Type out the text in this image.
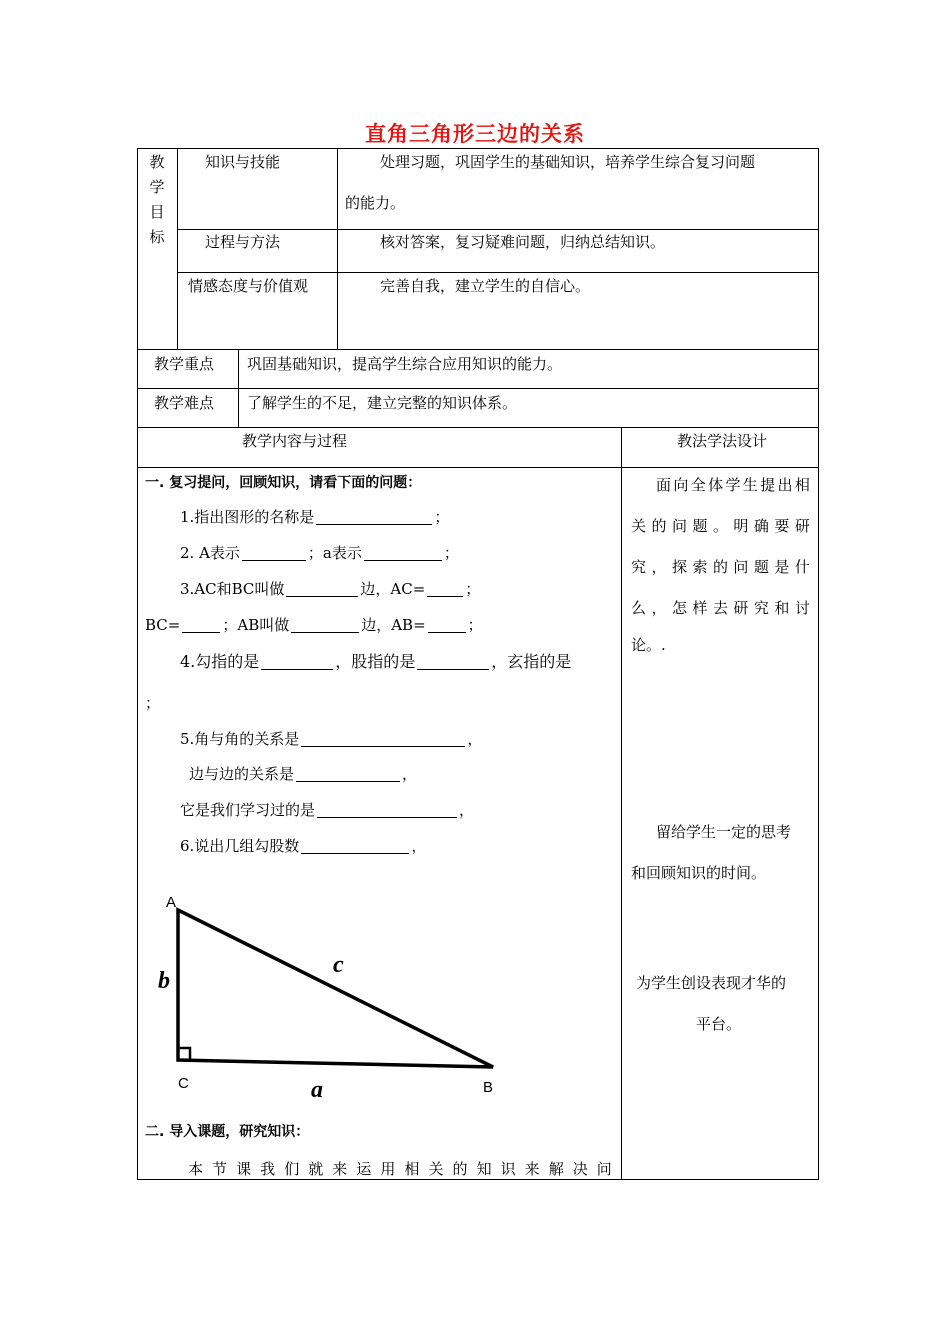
直角三角形三边的关系
教
学
目
标
知识与技能	处理习题，巩固学生的基础知识，培养学生综合复习问题
的能力。
过程与方法	核对答案，复习疑难问题，归纳总结知识。
情感态度与价值观	完善自我，建立学生的自信心。
教学重点 巩固基础知识，提高学生综合应用知识的能力。
教学难点 了解学生的不足，建立完整的知识体系。
教学内容与过程	教法学法设计
一. 复习提问，回顾知识，请看下面的问题：
1.指出图形的名称是	；
2. A表示	；a表示	；
3.AC和BC叫做	边，AC=	；
BC=	；AB叫做	边，AB=	；
4.勾指的是	，股指的是	，玄指的是
；
5.角与角的关系是	，
边与边的关系是	，
它是我们学习过的是	，
6.说出几组勾股数	，
A
C	B
b
c
a
二. 导入课题，研究知识：
本 节 课 我 们 就 来 运 用 相 关 的 知 识 来 解 决 问
面 向 全 体 学 生 提 出 相
关 的 问 题 。 明 确 要 研
究 ， 探 索 的 问 题 是 什
么 ， 怎 样 去 研 究 和 讨
论。.
留给学生一定的思考
和回顾知识的时间。
为学生创设表现才华的
平台。
